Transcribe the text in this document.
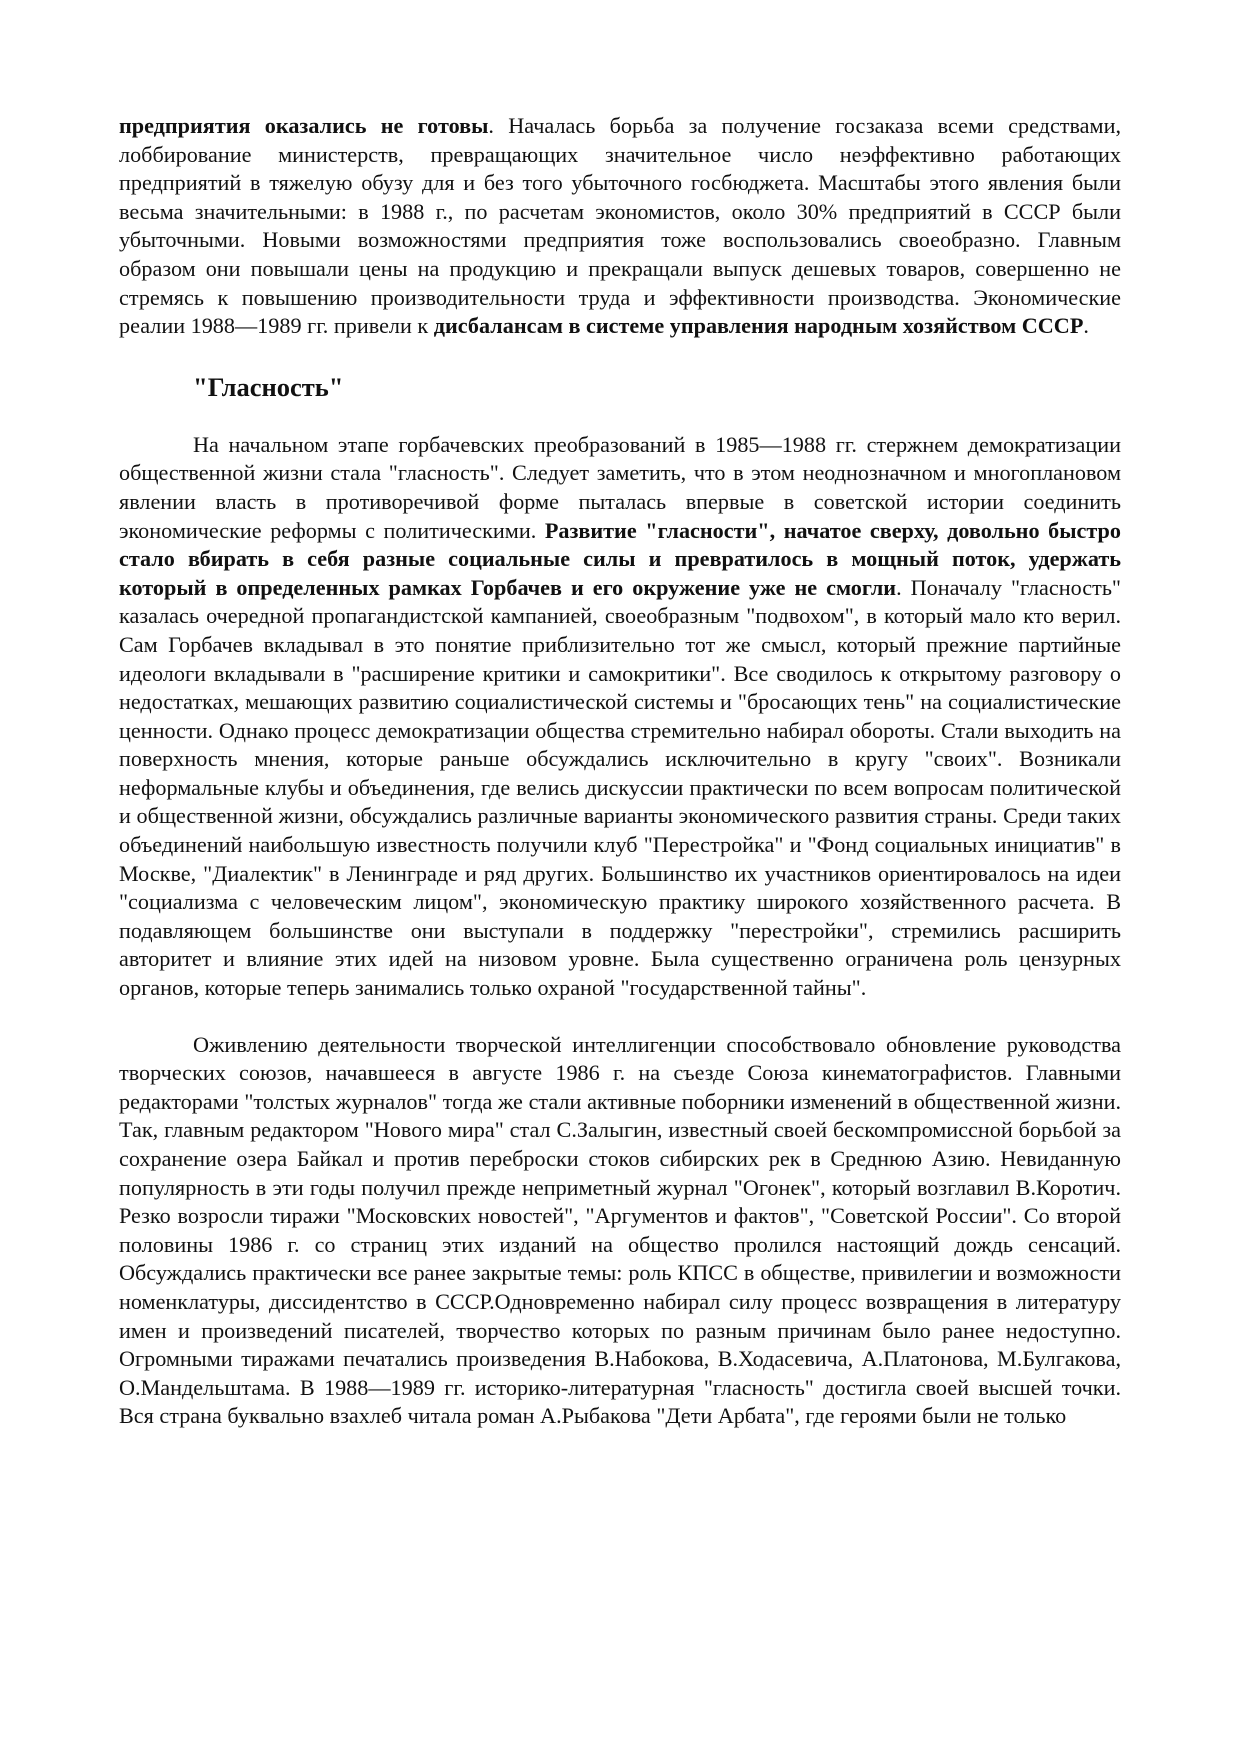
предприятия оказались не готовы. Началась борьба за получение госзаказа всеми средствами, лоббирование министерств, превращающих значительное число неэффективно работающих предприятий в тяжелую обузу для и без того убыточного госбюджета. Масштабы этого явления были весьма значительными: в 1988 г., по расчетам экономистов, около 30% предприятий в СССР были убыточными. Новыми возможностями предприятия тоже воспользовались своеобразно. Главным образом они повышали цены на продукцию и прекращали выпуск дешевых товаров, совершенно не стремясь к повышению производительности труда и эффективности производства. Экономические реалии 1988—1989 гг. привели к дисбалансам в системе управления народным хозяйством СССР.

"Гласность"

На начальном этапе горбачевских преобразований в 1985—1988 гг. стержнем демократизации общественной жизни стала "гласность". Следует заметить, что в этом неоднозначном и многоплановом явлении власть в противоречивой форме пыталась впервые в советской истории соединить экономические реформы с политическими. Развитие "гласности", начатое сверху, довольно быстро стало вбирать в себя разные социальные силы и превратилось в мощный поток, удержать который в определенных рамках Горбачев и его окружение уже не смогли. Поначалу "гласность" казалась очередной пропагандистской кампанией, своеобразным "подвохом", в который мало кто верил. Сам Горбачев вкладывал в это понятие приблизительно тот же смысл, который прежние партийные идеологи вкладывали в "расширение критики и самокритики". Все сводилось к открытому разговору о недостатках, мешающих развитию социалистической системы и "бросающих тень" на социалистические ценности. Однако процесс демократизации общества стремительно набирал обороты. Стали выходить на поверхность мнения, которые раньше обсуждались исключительно в кругу "своих". Возникали неформальные клубы и объединения, где велись дискуссии практически по всем вопросам политической и общественной жизни, обсуждались различные варианты экономического развития страны. Среди таких объединений наибольшую известность получили клуб "Перестройка" и "Фонд социальных инициатив" в Москве, "Диалектик" в Ленинграде и ряд других. Большинство их участников ориентировалось на идеи "социализма с человеческим лицом", экономическую практику широкого хозяйственного расчета. В подавляющем большинстве они выступали в поддержку "перестройки", стремились расширить авторитет и влияние этих идей на низовом уровне. Была существенно ограничена роль цензурных органов, которые теперь занимались только охраной "государственной тайны".

Оживлению деятельности творческой интеллигенции способствовало обновление руководства творческих союзов, начавшееся в августе 1986 г. на съезде Союза кинематографистов. Главными редакторами "толстых журналов" тогда же стали активные поборники изменений в общественной жизни. Так, главным редактором "Нового мира" стал С.Залыгин, известный своей бескомпромиссной борьбой за сохранение озера Байкал и против переброски стоков сибирских рек в Среднюю Азию. Невиданную популярность в эти годы получил прежде неприметный журнал "Огонек", который возглавил В.Коротич. Резко возросли тиражи "Московских новостей", "Аргументов и фактов", "Советской России". Со второй половины 1986 г. со страниц этих изданий на общество пролился настоящий дождь сенсаций. Обсуждались практически все ранее закрытые темы: роль КПСС в обществе, привилегии и возможности номенклатуры, диссидентство в СССР.Одновременно набирал силу процесс возвращения в литературу имен и произведений писателей, творчество которых по разным причинам было ранее недоступно. Огромными тиражами печатались произведения В.Набокова, В.Ходасевича, А.Платонова, М.Булгакова, О.Мандельштама. В 1988—1989 гг. историко-литературная "гласность" достигла своей высшей точки. Вся страна буквально взахлеб читала роман А.Рыбакова "Дети Арбата", где героями были не только
